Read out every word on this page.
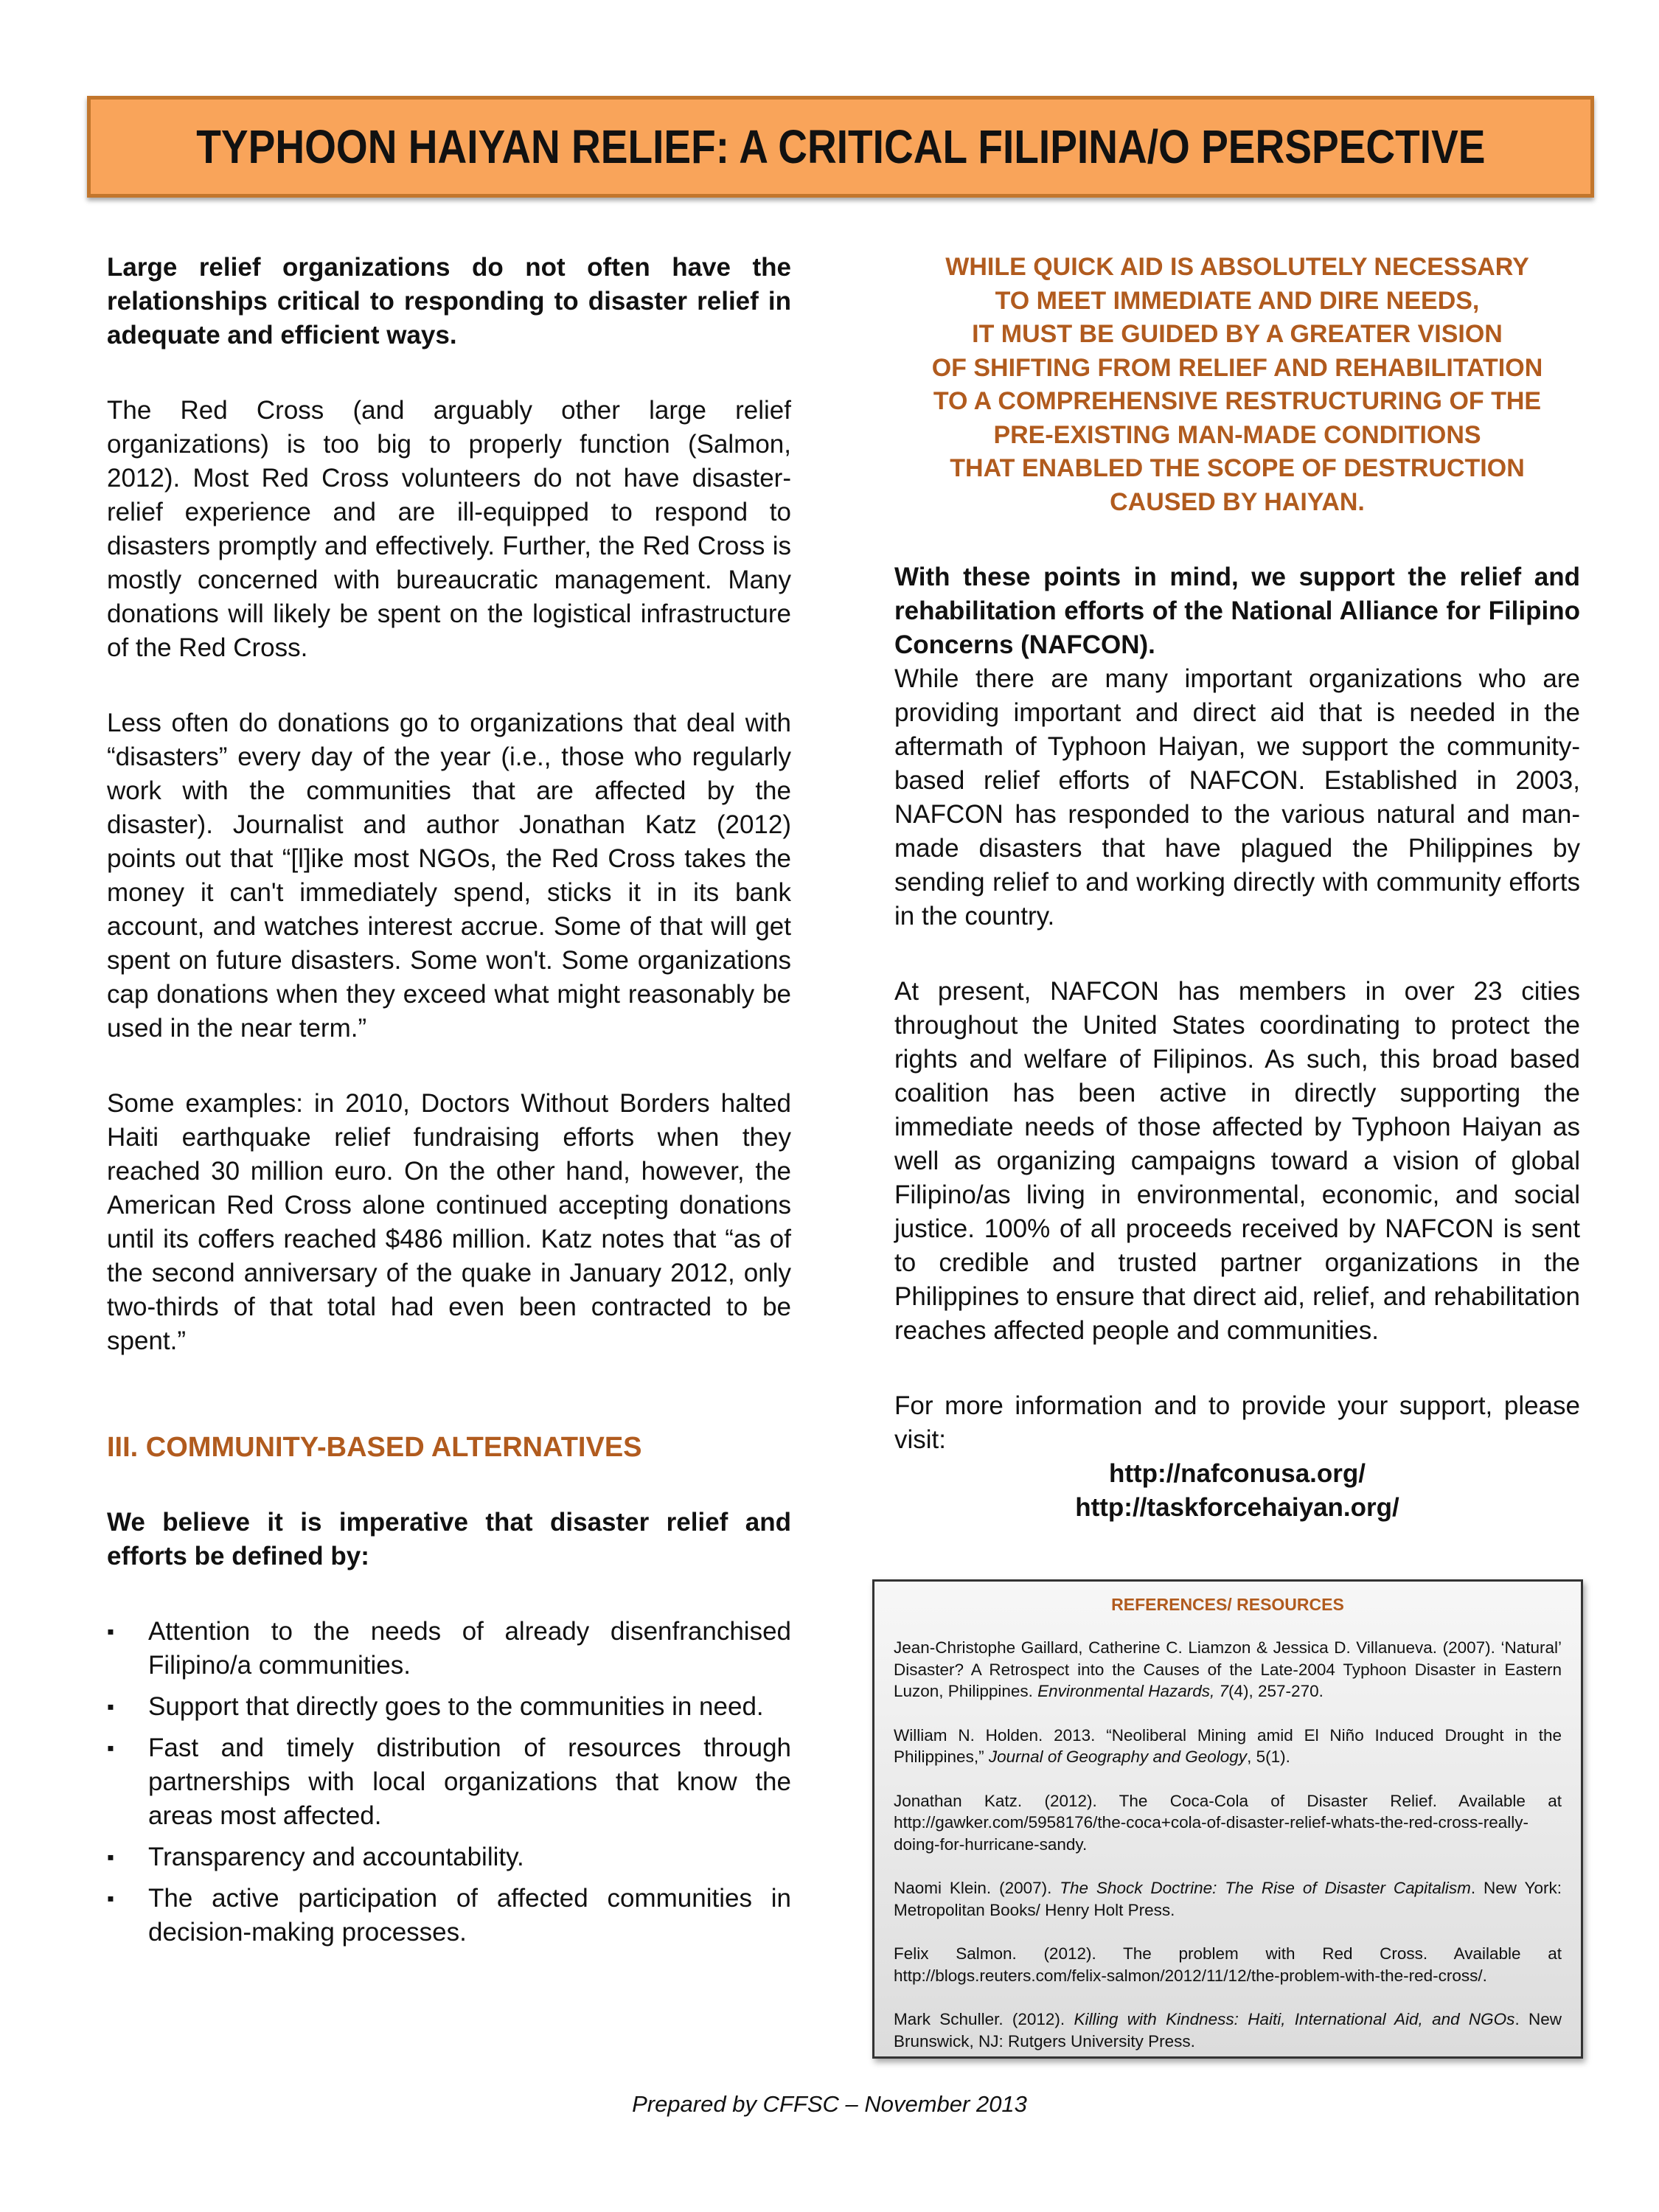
TYPHOON HAIYAN RELIEF: A CRITICAL FILIPINA/O PERSPECTIVE

Large relief organizations do not often have the relationships critical to responding to disaster relief in adequate and efficient ways.

The Red Cross (and arguably other large relief organizations) is too big to properly function (Salmon, 2012). Most Red Cross volunteers do not have disaster-relief experience and are ill-equipped to respond to disasters promptly and effectively. Further, the Red Cross is mostly concerned with bureaucratic management. Many donations will likely be spent on the logistical infrastructure of the Red Cross.

Less often do donations go to organizations that deal with “disasters” every day of the year (i.e., those who regularly work with the communities that are affected by the disaster). Journalist and author Jonathan Katz (2012) points out that “[l]ike most NGOs, the Red Cross takes the money it can't immediately spend, sticks it in its bank account, and watches interest accrue. Some of that will get spent on future disasters. Some won't. Some organizations cap donations when they exceed what might reasonably be used in the near term.”

Some examples: in 2010, Doctors Without Borders halted Haiti earthquake relief fundraising efforts when they reached 30 million euro. On the other hand, however, the American Red Cross alone continued accepting donations until its coffers reached $486 million. Katz notes that “as of the second anniversary of the quake in January 2012, only two-thirds of that total had even been contracted to be spent.”

III. COMMUNITY-BASED ALTERNATIVES

We believe it is imperative that disaster relief and efforts be defined by:

▪	Attention to the needs of already disenfranchised Filipino/a communities.
▪	Support that directly goes to the communities in need.
▪	Fast and timely distribution of resources through partnerships with local organizations that know the areas most affected.
▪	Transparency and accountability.
▪	The active participation of affected communities in decision-making processes.
WHILE QUICK AID IS ABSOLUTELY NECESSARY
TO MEET IMMEDIATE AND DIRE NEEDS,
IT MUST BE GUIDED BY A GREATER VISION
OF SHIFTING FROM RELIEF AND REHABILITATION
TO A COMPREHENSIVE RESTRUCTURING OF THE
PRE-EXISTING MAN-MADE CONDITIONS
THAT ENABLED THE SCOPE OF DESTRUCTION
CAUSED BY HAIYAN.

With these points in mind, we support the relief and rehabilitation efforts of the National Alliance for Filipino Concerns (NAFCON).

While there are many important organizations who are providing important and direct aid that is needed in the aftermath of Typhoon Haiyan, we support the community-based relief efforts of NAFCON. Established in 2003, NAFCON has responded to the various natural and man-made disasters that have plagued the Philippines by sending relief to and working directly with community efforts in the country.

At present, NAFCON has members in over 23 cities throughout the United States coordinating to protect the rights and welfare of Filipinos. As such, this broad based coalition has been active in directly supporting the immediate needs of those affected by Typhoon Haiyan as well as organizing campaigns toward a vision of global Filipino/as living in environmental, economic, and social justice. 100% of all proceeds received by NAFCON is sent to credible and trusted partner organizations in the Philippines to ensure that direct aid, relief, and rehabilitation reaches affected people and communities.

For more information and to provide your support, please visit:

http://nafconusa.org/
http://taskforcehaiyan.org/
REFERENCES/ RESOURCES

Jean-Christophe Gaillard, Catherine C. Liamzon & Jessica D. Villanueva. (2007). ‘Natural’ Disaster? A Retrospect into the Causes of the Late-2004 Typhoon Disaster in Eastern Luzon, Philippines. Environmental Hazards, 7(4), 257-270.

William N. Holden. 2013. “Neoliberal Mining amid El Niño Induced Drought in the Philippines,” Journal of Geography and Geology, 5(1).

Jonathan Katz. (2012). The Coca-Cola of Disaster Relief. Available at http://gawker.com/5958176/the-coca+cola-of-disaster-relief-whats-the-red-cross-really-doing-for-hurricane-sandy.

Naomi Klein. (2007). The Shock Doctrine: The Rise of Disaster Capitalism. New York: Metropolitan Books/ Henry Holt Press.

Felix Salmon. (2012). The problem with Red Cross. Available at http://blogs.reuters.com/felix-salmon/2012/11/12/the-problem-with-the-red-cross/.

Mark Schuller. (2012). Killing with Kindness: Haiti, International Aid, and NGOs. New Brunswick, NJ: Rutgers University Press.

Prepared by CFFSC – November 2013
